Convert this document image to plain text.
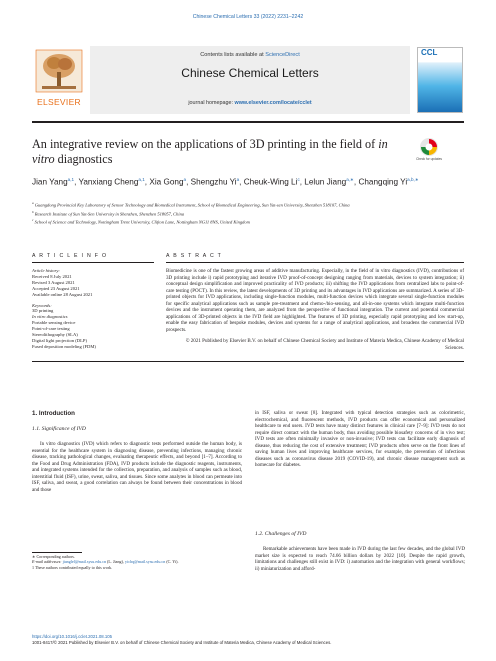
Chinese Chemical Letters 33 (2022) 2231–2242
ELSEVIER
Contents lists available at ScienceDirect
Chinese Chemical Letters
journal homepage: www.elsevier.com/locate/cclet
CCL
An integrative review on the applications of 3D printing in the field of in vitro diagnostics	Check for updates
Jian Yang$^{a,1}$, Yanxiang Cheng$^{a,1}$, Xia Gong$^a$, Shengzhu Yi$^a$, Cheuk-Wing Li$^c$, Lelun Jiang$^{a,∗}$, Changqing $Yi^{a,b,∗}$
$^a$ Guangdong Provincial Key Laboratory of Sensor Technology and Biomedical Instrument, School of Biomedical Engineering, Sun Yat-sen University, Shenzhen 518107, China
$^b$ Research Institute of Sun Yat-Sen University in Shenzhen, Shenzhen 518057, China
$^c$ School of Science and Technology, Nottingham Trent University, Clifton Lane, Nottingham NG11 8NS, United Kingdom
A R T I C L E I N F O	A B S T R A C T
Article history:
Received 8 July 2021
Revised 3 August 2021
Accepted 23 August 2021
Available online 28 August 2021
Keywords:
3D printing
In vitro diagnostics
Portable sensing device
Point-of-care testing
Stereolithography (SLA)
Digital light projection (DLP)
Fused deposition modeling (FDM)
Biomedicine is one of the fastest growing areas of additive manufacturing. Especially, in the field of in vitro diagnostics (IVD), contributions of 3D printing include i) rapid prototyping and iterative IVD proof-of-concept designing ranging from materials, devices to system integration; ii) conceptual design simplification and improved practicality of IVD products; iii) shifting the IVD applications from centralized labs to point-of-care testing (POCT). In this review, the latest developments of 3D printing and its advantages in IVD applications are summarized. A series of 3D-printed objects for IVD applications, including single-function modules, multi-function devices which integrate several single-function modules for specific analytical applications such as sample pre-treatment and chemo-/bio-sensing, and all-in-one systems which integrate multi-function devices and the instrument operating them, are analyzed from the perspective of functional integration. The current and potential commercial applications of 3D-printed objects in the IVD field are highlighted. The features of 3D printing, especially rapid prototyping and low start-up, enable the easy fabrication of bespoke modules, devices and systems for a range of analytical applications, and broadens the commercial IVD prospects.
© 2021 Published by Elsevier B.V. on behalf of Chinese Chemical Society and Institute of Materia Medica, Chinese Academy of Medical Sciences.
1. Introduction
1.1. Significance of IVD
In vitro diagnostics (IVD) which refers to diagnostic tests performed outside the human body, is essential for the healthcare system in diagnosing disease, preventing infections, managing chronic disease, tracking pathological changes, evaluating therapeutic effects, and beyond [1–7]. According to the Food and Drug Administration (FDA), IVD products include the diagnostic reagents, instruments, and integrated systems intended for the collection, preparation, and analysis of samples such as blood, interstitial fluid (ISF), urine, sweat, saliva, and tissues. Since some analytes in blood can permeate into ISF, saliva, and sweat, a good correlation can always be found between their concentrations in blood and those
in ISF, saliva or sweat [8]. Integrated with typical detection strategies such as colorimetric, electrochemical, and fluorescent methods, IVD products can offer economical and personalized healthcare to end users. IVD tests have many distinct features in clinical care [7–9]: IVD tests do not require direct contact with the human body, thus avoiding possible biosafety concerns of in vivo test; IVD tests are often minimally invasive or non-invasive; IVD tests can facilitate early diagnosis of disease, thus reducing the cost of extensive treatment; IVD products often serve on the front lines of saving human lives and improving healthcare services, for example, the prevention of infectious diseases such as coronavirus disease 2019 (COVID-19), and chronic disease management such as homecare for diabetes.
1.2. Challenges of IVD
Remarkable achievements have been made in IVD during the last few decades, and the global IVD market size is expected to reach 74.66 billion dollars by 2022 [10]. Despite the rapid growth, limitations and challenges still exist in IVD: i) automation and the integration with general workflows; ii) miniaturization and afford-
∗ Corresponding authors.
E-mail addresses: jianglel@mail.sysu.edu.cn (L. Jiang), yichq@mail.sysu.edu.cn (C. Yi).
1 These authors contributed equally to this work.
https://doi.org/10.1016/j.cclet.2021.08.105
1001-8417/© 2021 Published by Elsevier B.V. on behalf of Chinese Chemical Society and Institute of Materia Medica, Chinese Academy of Medical Sciences.
